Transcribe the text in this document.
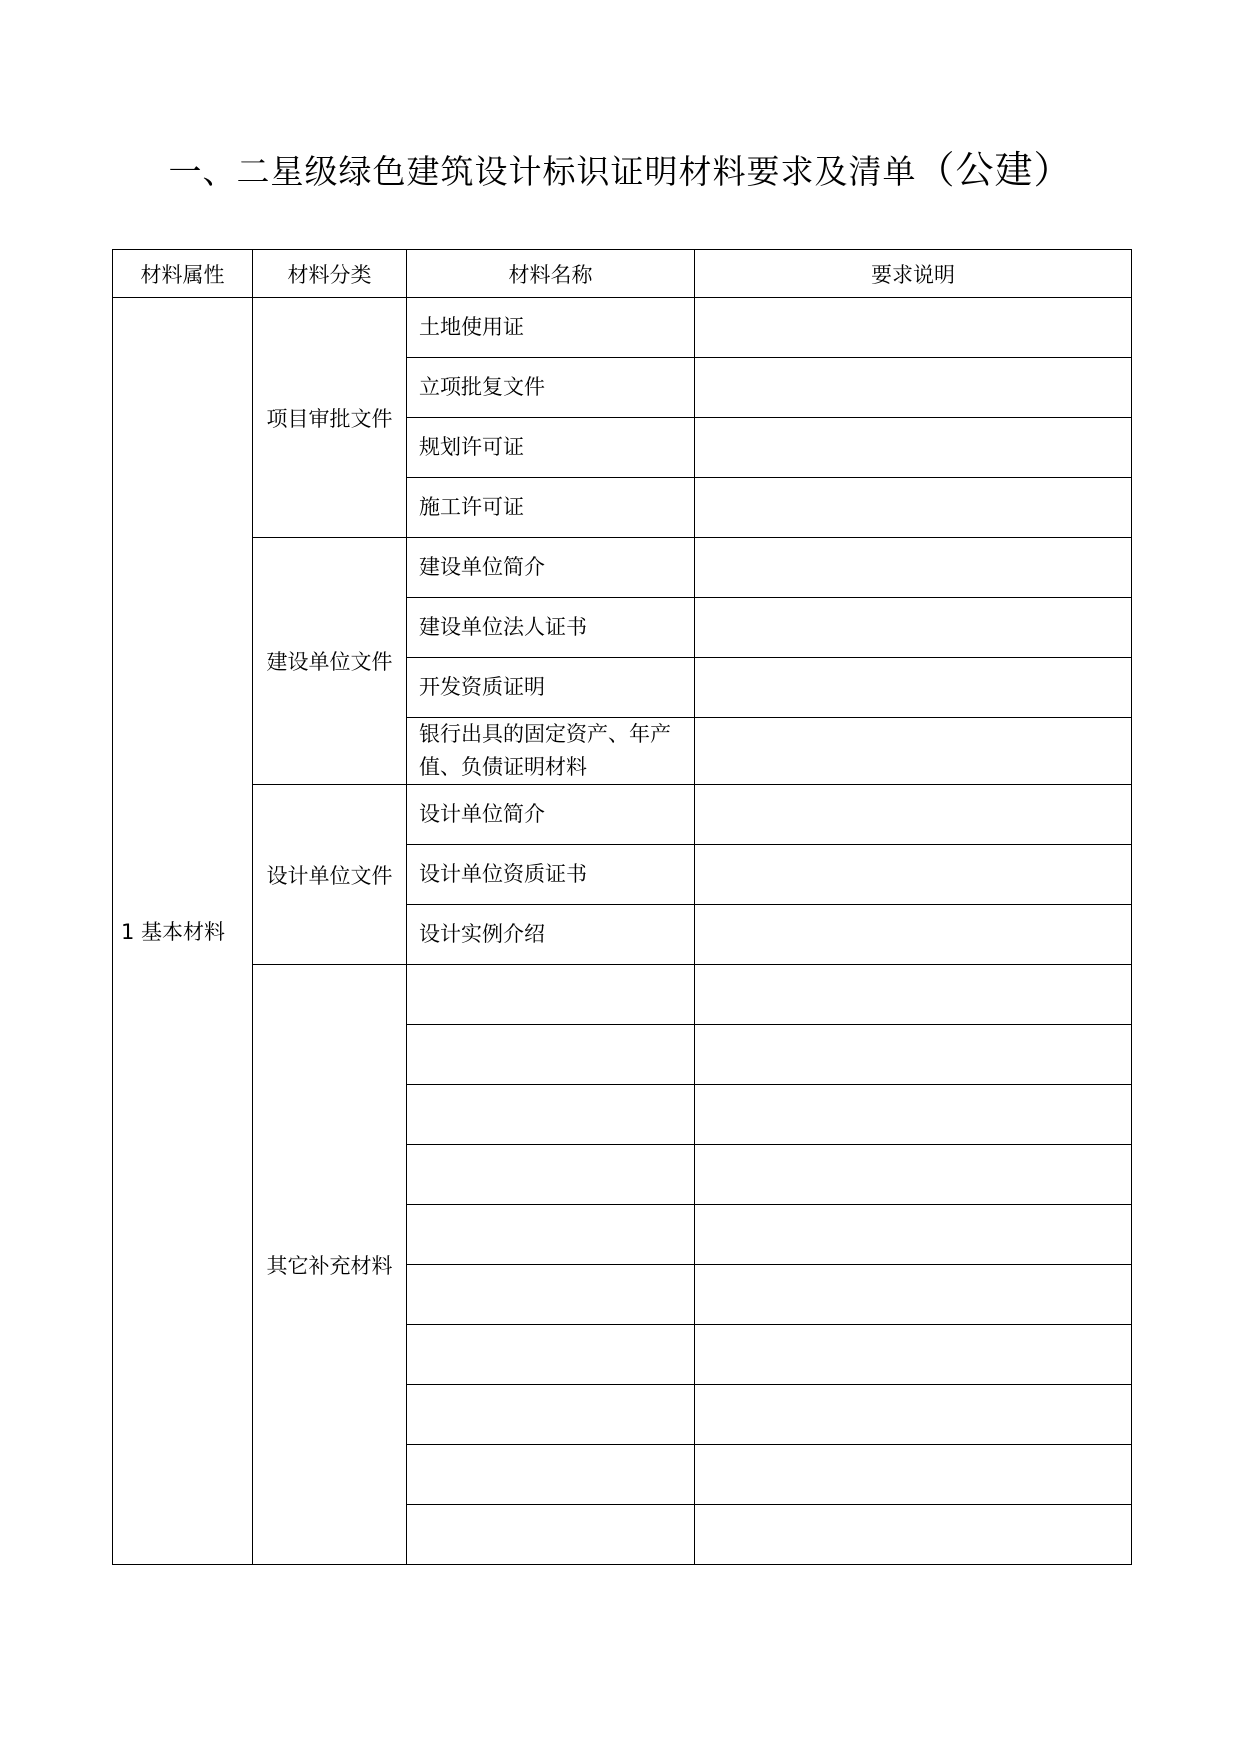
一、二星级绿色建筑设计标识证明材料要求及清单（公建）
材料属性	材料分类	材料名称	要求说明
1 基本材料	项目审批文件	土地使用证	
		立项批复文件	
		规划许可证	
		施工许可证	
	建设单位文件	建设单位简介	
		建设单位法人证书	
		开发资质证明	
		银行出具的固定资产、年产值、负债证明材料	
	设计单位文件	设计单位简介	
		设计单位资质证书	
		设计实例介绍	
	其它补充材料		
